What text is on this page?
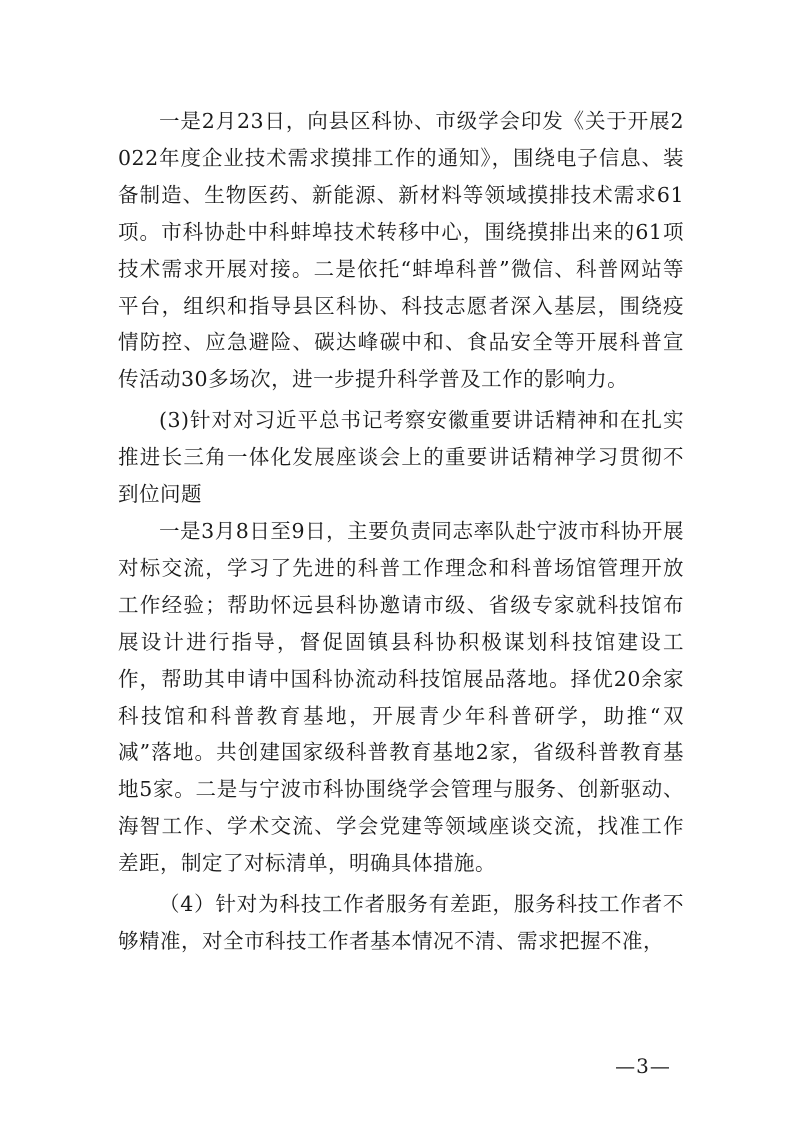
一是2月23日，向县区科协、市级学会印发《关于开展2022年度企业技术需求摸排工作的通知》，围绕电子信息、装备制造、生物医药、新能源、新材料等领域摸排技术需求61项。市科协赴中科蚌埠技术转移中心，围绕摸排出来的61项技术需求开展对接。二是依托“蚌埠科普”微信、科普网站等平台，组织和指导县区科协、科技志愿者深入基层，围绕疫情防控、应急避险、碳达峰碳中和、食品安全等开展科普宣传活动30多场次，进一步提升科学普及工作的影响力。

(3)针对对习近平总书记考察安徽重要讲话精神和在扎实推进长三角一体化发展座谈会上的重要讲话精神学习贯彻不到位问题

一是3月8日至9日，主要负责同志率队赴宁波市科协开展对标交流，学习了先进的科普工作理念和科普场馆管理开放工作经验；帮助怀远县科协邀请市级、省级专家就科技馆布展设计进行指导，督促固镇县科协积极谋划科技馆建设工作，帮助其申请中国科协流动科技馆展品落地。择优20余家科技馆和科普教育基地，开展青少年科普研学，助推“双减”落地。共创建国家级科普教育基地2家，省级科普教育基地5家。二是与宁波市科协围绕学会管理与服务、创新驱动、海智工作、学术交流、学会党建等领域座谈交流，找准工作差距，制定了对标清单，明确具体措施。

（4）针对为科技工作者服务有差距，服务科技工作者不够精准，对全市科技工作者基本情况不清、需求把握不准，

—3—
